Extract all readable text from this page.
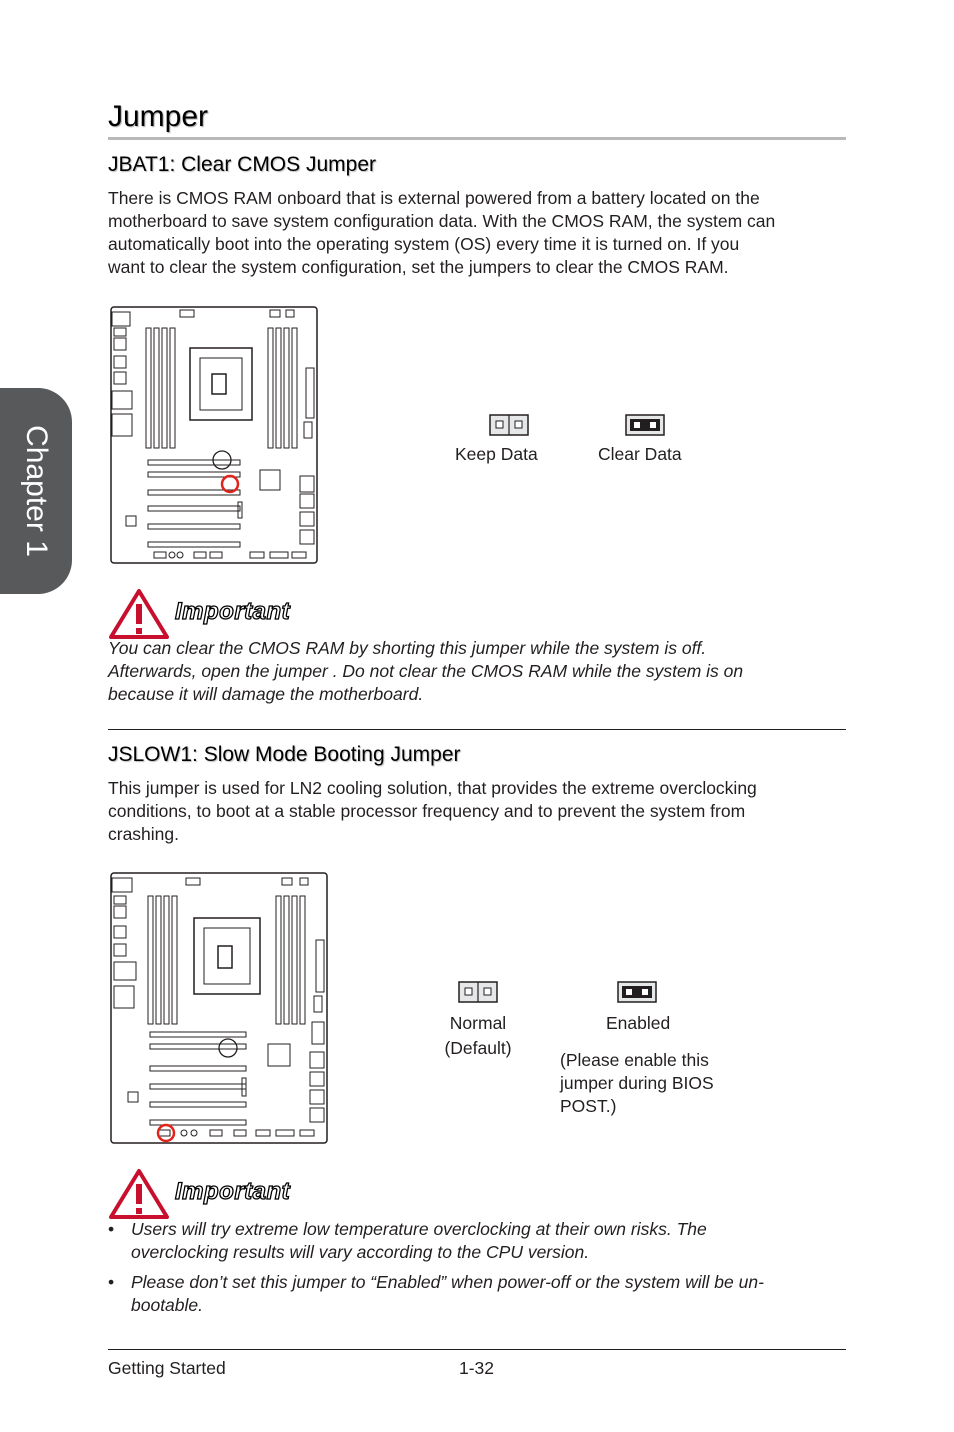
Chapter 1
Jumper
JBAT1: Clear CMOS Jumper
There is CMOS RAM onboard that is external powered from a battery located on the
motherboard to save system configuration data. With the CMOS RAM, the system can
automatically boot into the operating system (OS) every time it is turned on. If you
want to clear the system configuration, set the jumpers to clear the CMOS RAM.
Keep Data	Clear Data
Important
You can clear the CMOS RAM by shorting this jumper while the system is off.
Afterwards, open the jumper . Do not clear the CMOS RAM while the system is on
because it will damage the motherboard.
JSLOW1: Slow Mode Booting Jumper
This jumper is used for LN2 cooling solution, that provides the extreme overclocking
conditions, to boot at a stable processor frequency and to prevent the system from
crashing.
Normal
(Default)
Enabled
(Please enable this
jumper during BIOS
POST.)
Important
• Users will try extreme low temperature overclocking at their own risks. The
overclocking results will vary according to the CPU version.
• Please don’t set this jumper to “Enabled” when power-off or the system will be un-
bootable.
Getting Started	1-32
